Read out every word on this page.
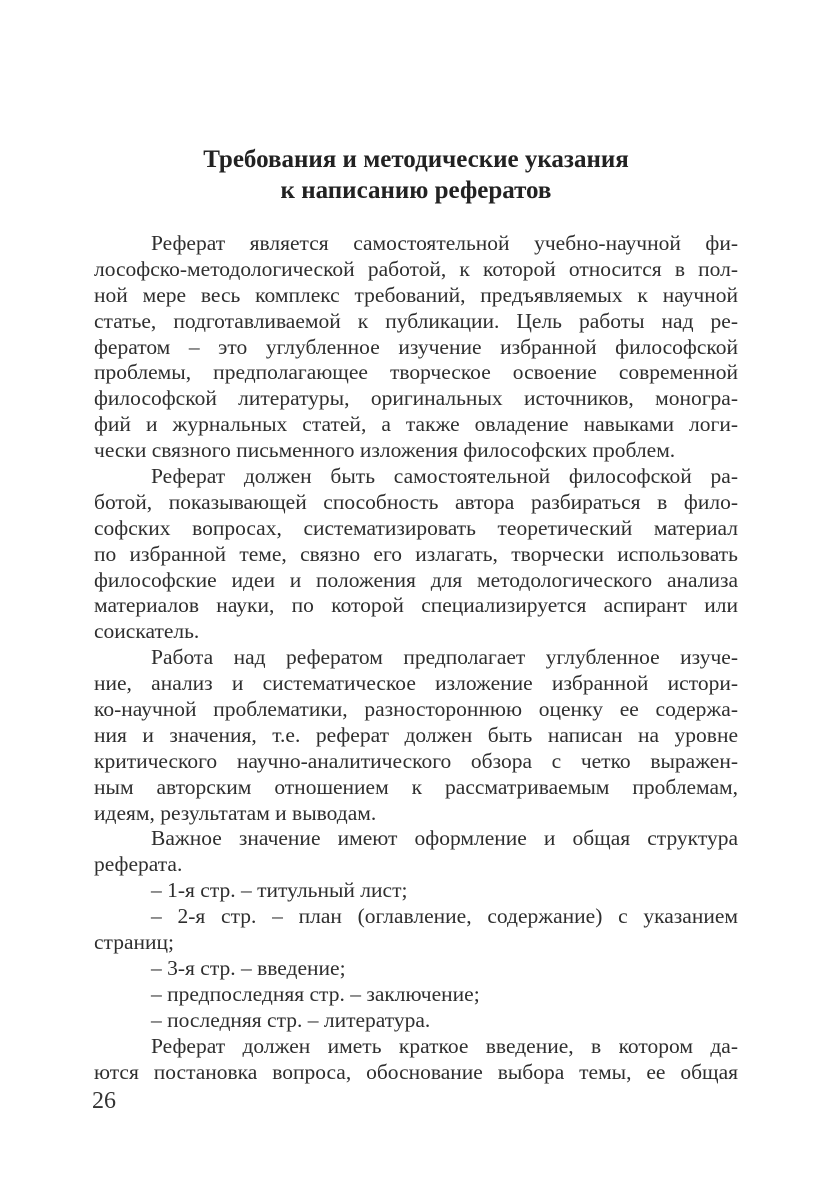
Требования и методические указания
к написанию рефератов
Реферат является самостоятельной учебно-научной фи-
лософско-методологической работой, к которой относится в пол-
ной мере весь комплекс требований, предъявляемых к научной
статье, подготавливаемой к публикации. Цель работы над ре-
фератом – это углубленное изучение избранной философской
проблемы, предполагающее творческое освоение современной
философской литературы, оригинальных источников, моногра-
фий и журнальных статей, а также овладение навыками логи-
чески связного письменного изложения философских проблем.
Реферат должен быть самостоятельной философской ра-
ботой, показывающей способность автора разбираться в фило-
софских вопросах, систематизировать теоретический материал
по избранной теме, связно его излагать, творчески использовать
философские идеи и положения для методологического анализа
материалов науки, по которой специализируется аспирант или
соискатель.
Работа над рефератом предполагает углубленное изуче-
ние, анализ и систематическое изложение избранной истори-
ко-научной проблематики, разностороннюю оценку ее содержа-
ния и значения, т.е. реферат должен быть написан на уровне
критического научно-аналитического обзора с четко выражен-
ным авторским отношением к рассматриваемым проблемам,
идеям, результатам и выводам.
Важное значение имеют оформление и общая структура
реферата.
– 1-я стр. – титульный лист;
– 2-я стр. – план (оглавление, содержание) с указанием
страниц;
– 3-я стр. – введение;
– предпоследняя стр. – заключение;
– последняя стр. – литература.
Реферат должен иметь краткое введение, в котором да-
ются постановка вопроса, обоснование выбора темы, ее общая
26
